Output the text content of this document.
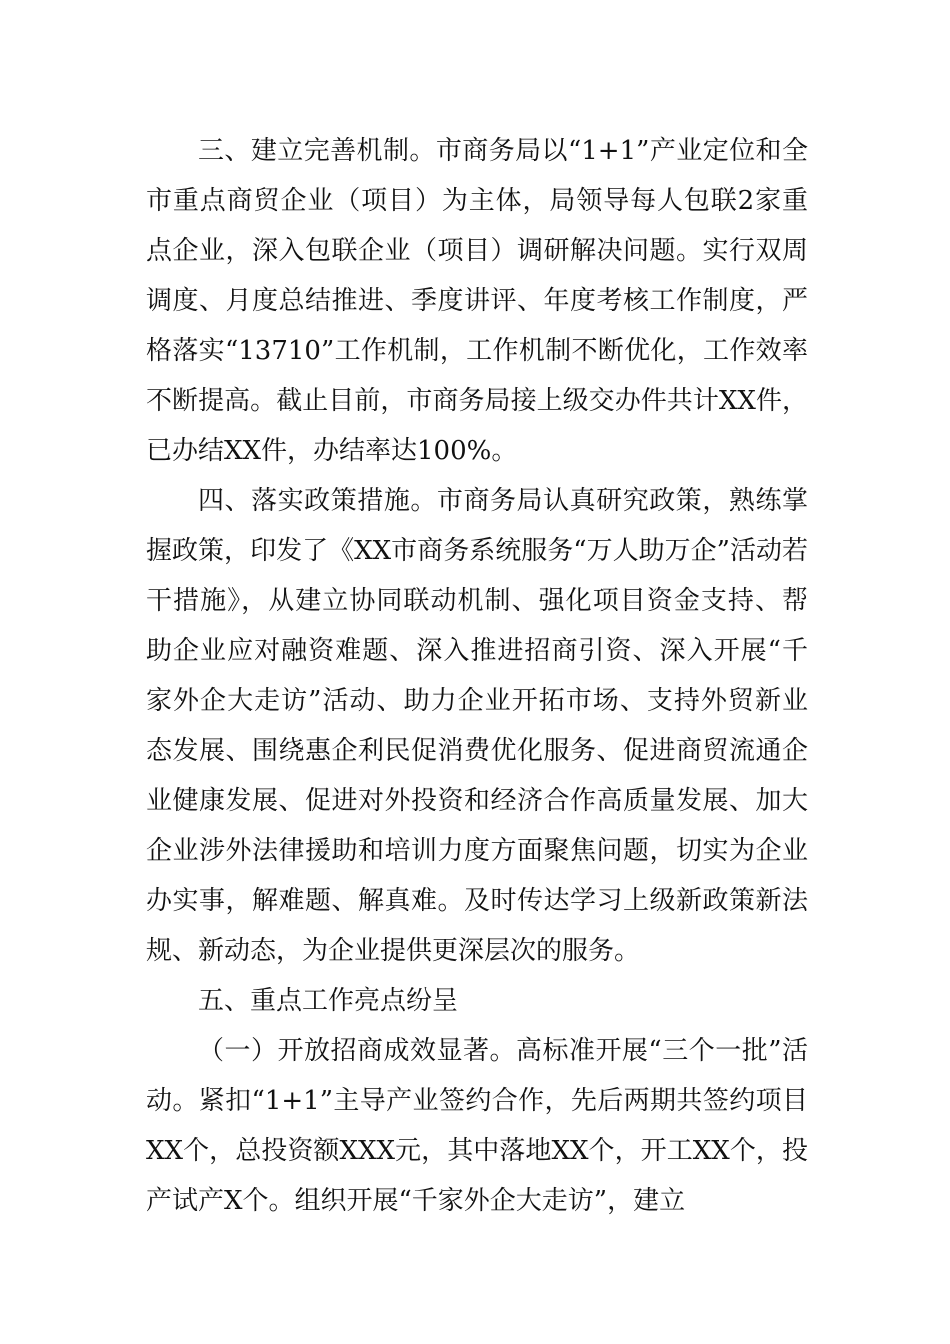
三、建立完善机制。市商务局以“1+1”产业定位和全市重点商贸企业（项目）为主体，局领导每人包联2家重点企业，深入包联企业（项目）调研解决问题。实行双周调度、月度总结推进、季度讲评、年度考核工作制度，严格落实“13710”工作机制，工作机制不断优化，工作效率不断提高。截止目前，市商务局接上级交办件共计XX件，已办结XX件，办结率达100%。

四、落实政策措施。市商务局认真研究政策，熟练掌握政策，印发了《XX市商务系统服务“万人助万企”活动若干措施》，从建立协同联动机制、强化项目资金支持、帮助企业应对融资难题、深入推进招商引资、深入开展“千家外企大走访”活动、助力企业开拓市场、支持外贸新业态发展、围绕惠企利民促消费优化服务、促进商贸流通企业健康发展、促进对外投资和经济合作高质量发展、加大企业涉外法律援助和培训力度方面聚焦问题，切实为企业办实事，解难题、解真难。及时传达学习上级新政策新法规、新动态，为企业提供更深层次的服务。

五、重点工作亮点纷呈

（一）开放招商成效显著。高标准开展“三个一批”活动。紧扣“1+1”主导产业签约合作，先后两期共签约项目XX个，总投资额XXX元，其中落地XX个，开工XX个，投产试产X个。组织开展“千家外企大走访”，建立
